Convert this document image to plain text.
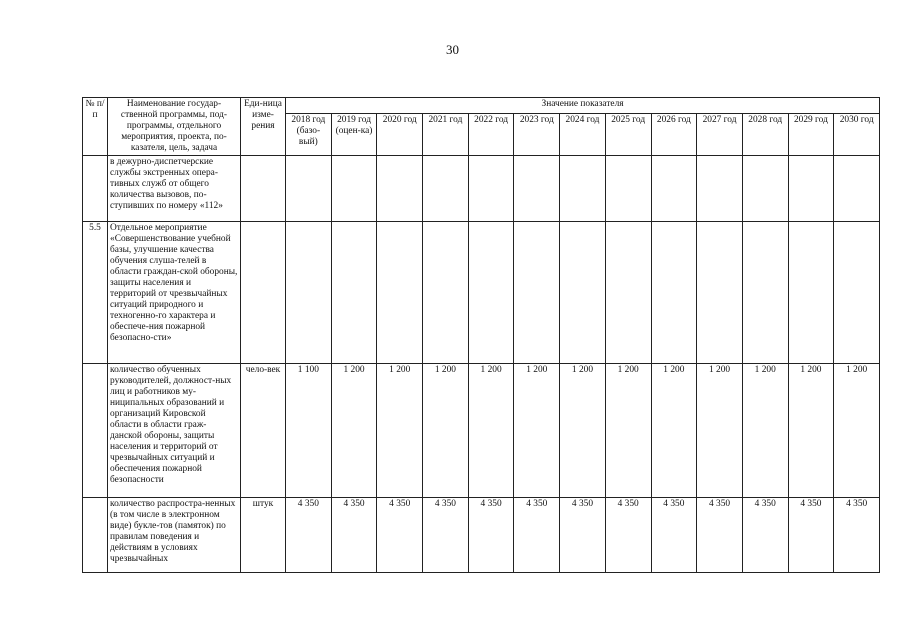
30
№ п/п	Наименование государ-ственной программы, под-программы, отдельного мероприятия, проекта, по-казателя, цель, задача	Еди-ница изме-рения	Значение показателя												
			2018 год (базо-вый)	2019 год (оцен-ка)	2020 год	2021 год	2022 год	2023 год	2024 год	2025 год	2026 год	2027 год	2028 год	2029 год	2030 год
	в дежурно-диспетчерские службы экстренных опера-тивных служб от общего количества вызовов, по-ступивших по номеру «112»														
5.5	Отдельное мероприятие «Совершенствование учебной базы, улучшение качества обучения слуша-телей в области граждан-ской обороны, защиты населения и территорий от чрезвычайных ситуаций природного и техногенно-го характера и обеспече-ния пожарной безопасно-сти»														
	количество обученных руководителей, должност-ных лиц и работников му-ниципальных образований и организаций Кировской области в области граж-данской обороны, защиты населения и территорий от чрезвычайных ситуаций и обеспечения пожарной безопасности	чело-век	1 100	1 200	1 200	1 200	1 200	1 200	1 200	1 200	1 200	1 200	1 200	1 200	1 200
	количество распростра-ненных (в том числе в электронном виде) буклe-тов (памяток) по правилам поведения и действиям в условиях чрезвычайных	штук	4 350	4 350	4 350	4 350	4 350	4 350	4 350	4 350	4 350	4 350	4 350	4 350	4 350
